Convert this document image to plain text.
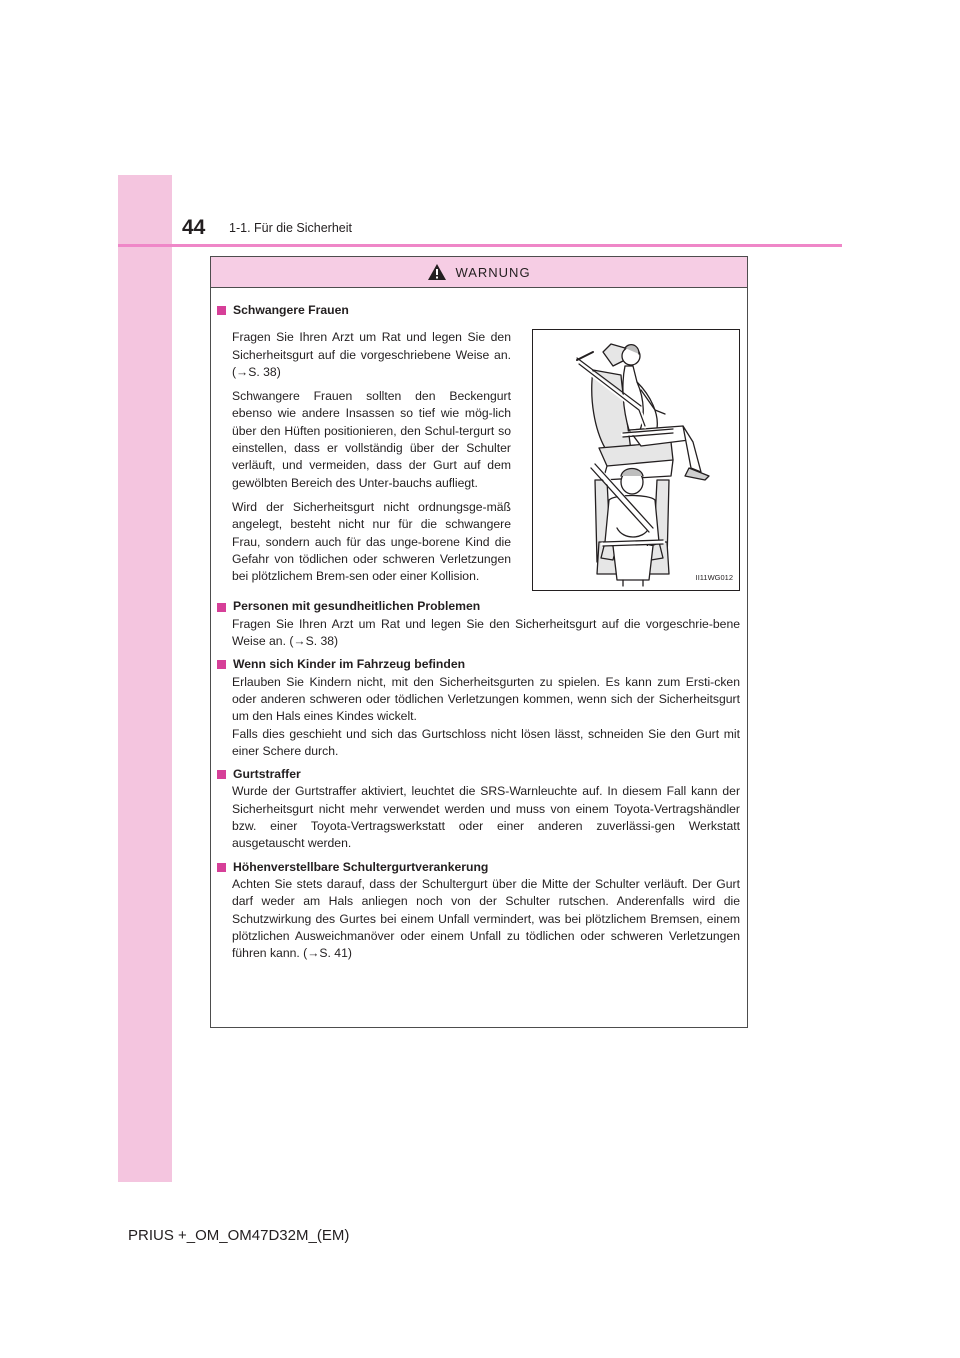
44 1-1. Für die Sicherheit
WARNUNG
Schwangere Frauen

Fragen Sie Ihren Arzt um Rat und legen Sie den Sicherheitsgurt auf die vorgeschriebene Weise an. (→S. 38)

Schwangere Frauen sollten den Beckengurt ebenso wie andere Insassen so tief wie mög-lich über den Hüften positionieren, den Schul-tergurt so einstellen, dass er vollständig über der Schulter verläuft, und vermeiden, dass der Gurt auf dem gewölbten Bereich des Unter-bauchs aufliegt.

Wird der Sicherheitsgurt nicht ordnungsge-mäß angelegt, besteht nicht nur für die schwangere Frau, sondern auch für das unge-borene Kind die Gefahr von tödlichen oder schweren Verletzungen bei plötzlichem Brem-sen oder einer Kollision.	II11WG012
Personen mit gesundheitlichen Problemen

Fragen Sie Ihren Arzt um Rat und legen Sie den Sicherheitsgurt auf die vorgeschrie-bene Weise an. (→S. 38)

Wenn sich Kinder im Fahrzeug befinden

Erlauben Sie Kindern nicht, mit den Sicherheitsgurten zu spielen. Es kann zum Ersti-cken oder anderen schweren oder tödlichen Verletzungen kommen, wenn sich der Sicherheitsgurt um den Hals eines Kindes wickelt.

Falls dies geschieht und sich das Gurtschloss nicht lösen lässt, schneiden Sie den Gurt mit einer Schere durch.

Gurtstraffer

Wurde der Gurtstraffer aktiviert, leuchtet die SRS-Warnleuchte auf. In diesem Fall kann der Sicherheitsgurt nicht mehr verwendet werden und muss von einem Toyota-Vertragshändler bzw. einer Toyota-Vertragswerkstatt oder einer anderen zuverlässi-gen Werkstatt ausgetauscht werden.

Höhenverstellbare Schultergurtverankerung

Achten Sie stets darauf, dass der Schultergurt über die Mitte der Schulter verläuft. Der Gurt darf weder am Hals anliegen noch von der Schulter rutschen. Anderenfalls wird die Schutzwirkung des Gurtes bei einem Unfall vermindert, was bei plötzlichem Bremsen, einem plötzlichen Ausweichmanöver oder einem Unfall zu tödlichen oder schweren Verletzungen führen kann. (→S. 41)

PRIUS +_OM_OM47D32M_(EM)
